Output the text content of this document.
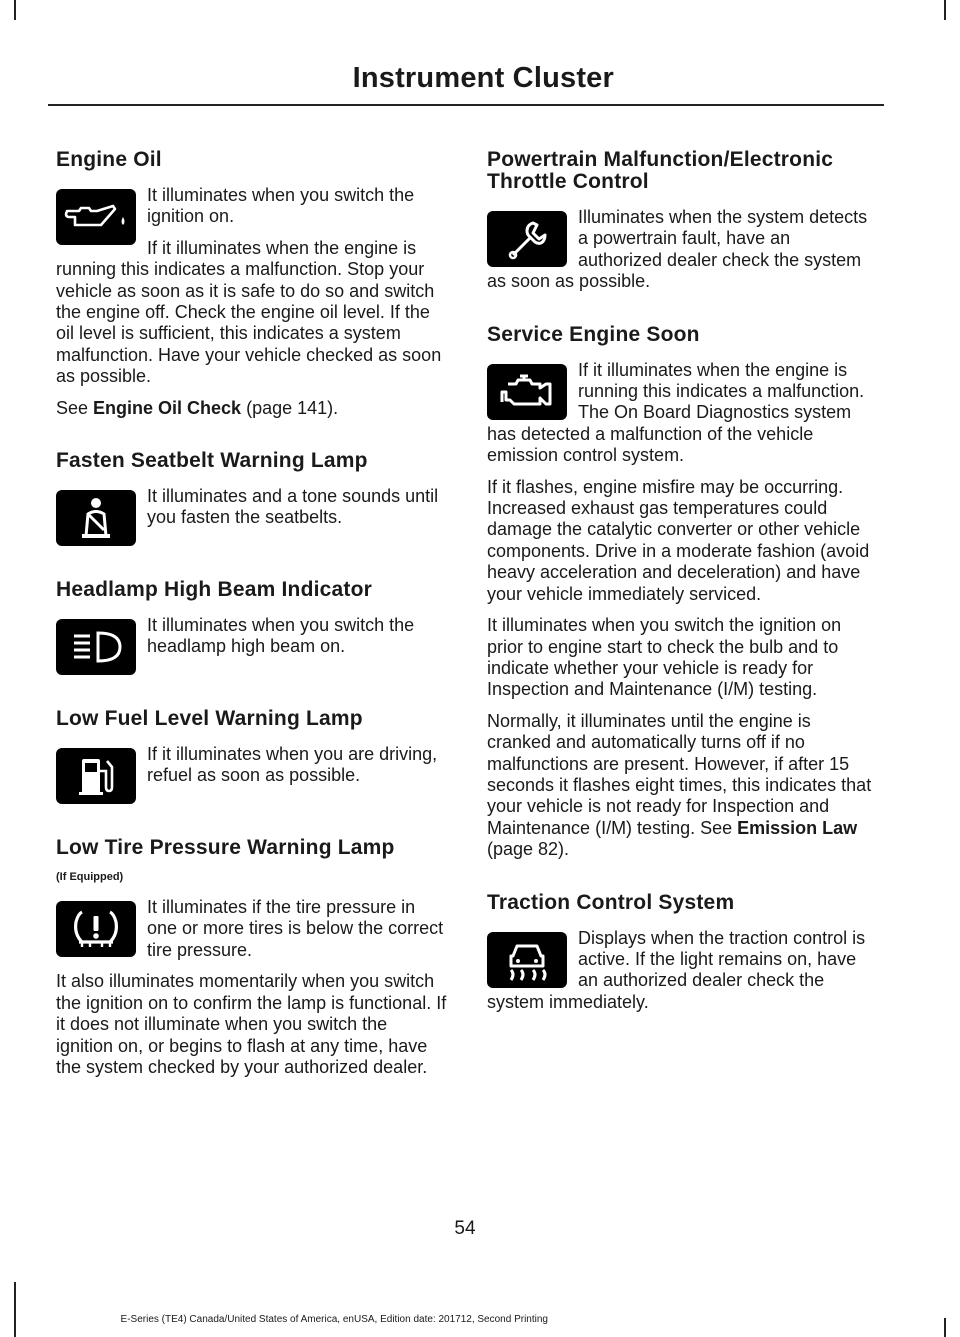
Instrument Cluster
Engine Oil

It illuminates when you switch the ignition on.

If it illuminates when the engine is running this indicates a malfunction. Stop your vehicle as soon as it is safe to do so and switch the engine off. Check the engine oil level. If the oil level is sufficient, this indicates a system malfunction. Have your vehicle checked as soon as possible.

See Engine Oil Check (page 141).

Fasten Seatbelt Warning Lamp

It illuminates and a tone sounds until you fasten the seatbelts.

Headlamp High Beam Indicator

It illuminates when you switch the headlamp high beam on.

Low Fuel Level Warning Lamp

If it illuminates when you are driving, refuel as soon as possible.

Low Tire Pressure Warning Lamp
(If Equipped)

It illuminates if the tire pressure in one or more tires is below the correct tire pressure.

It also illuminates momentarily when you switch the ignition on to confirm the lamp is functional. If it does not illuminate when you switch the ignition on, or begins to flash at any time, have the system checked by your authorized dealer.

Powertrain Malfunction/Electronic Throttle Control

Illuminates when the system detects a powertrain fault, have an authorized dealer check the system as soon as possible.

Service Engine Soon

If it illuminates when the engine is running this indicates a malfunction. The On Board Diagnostics system has detected a malfunction of the vehicle emission control system.

If it flashes, engine misfire may be occurring. Increased exhaust gas temperatures could damage the catalytic converter or other vehicle components. Drive in a moderate fashion (avoid heavy acceleration and deceleration) and have your vehicle immediately serviced.

It illuminates when you switch the ignition on prior to engine start to check the bulb and to indicate whether your vehicle is ready for Inspection and Maintenance (I/M) testing.

Normally, it illuminates until the engine is cranked and automatically turns off if no malfunctions are present. However, if after 15 seconds it flashes eight times, this indicates that your vehicle is not ready for Inspection and Maintenance (I/M) testing. See Emission Law (page 82).

Traction Control System

Displays when the traction control is active. If the light remains on, have an authorized dealer check the system immediately.

54
E-Series (TE4) Canada/United States of America, enUSA, Edition date: 201712, Second Printing
